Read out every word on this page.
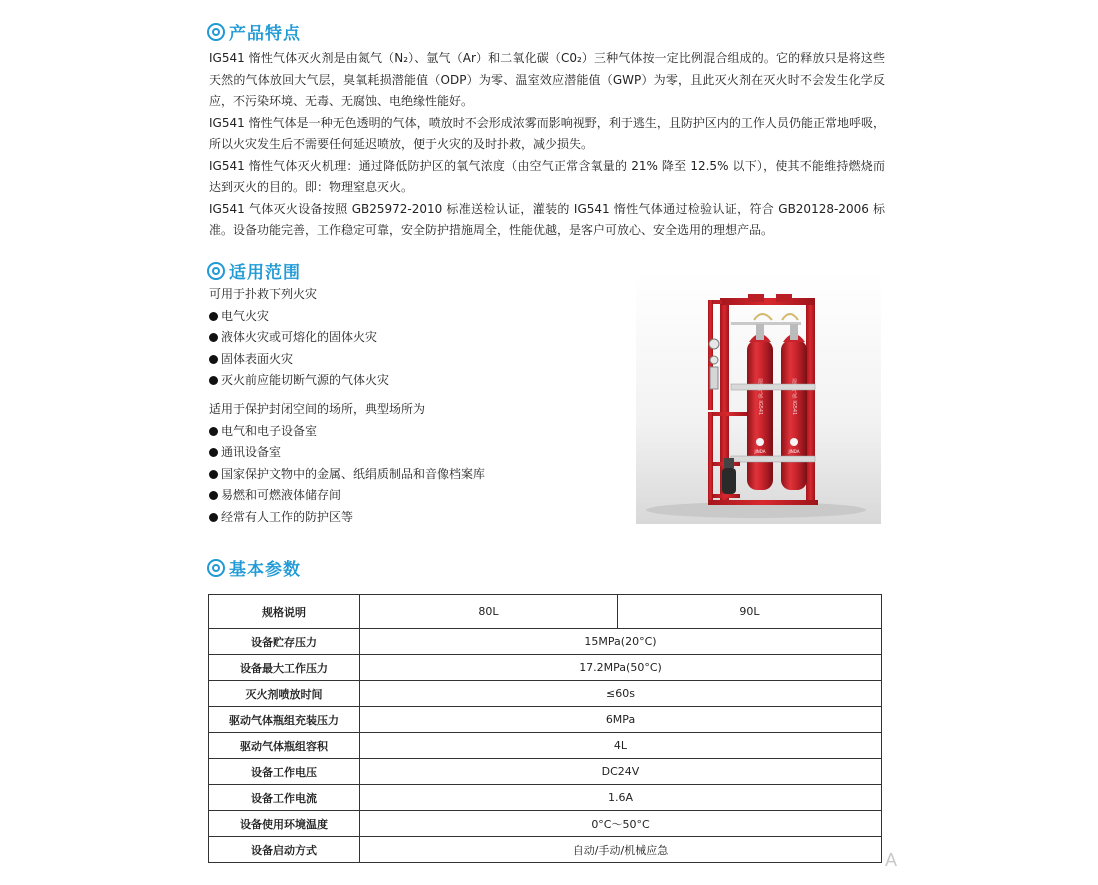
产品特点

IG541 惰性气体灭火剂是由氮气（N₂）、氩气（Ar）和二氧化碳（C0₂）三种气体按一定比例混合组成的。它的释放只是将这些天然的气体放回大气层，臭氧耗损潜能值（ODP）为零、温室效应潜能值（GWP）为零，且此灭火剂在灭火时不会发生化学反应，不污染环境、无毒、无腐蚀、电绝缘性能好。

IG541 惰性气体是一种无色透明的气体，喷放时不会形成浓雾而影响视野，利于逃生，且防护区内的工作人员仍能正常地呼吸，所以火灾发生后不需要任何延迟喷放，便于火灾的及时扑救，减少损失。

IG541 惰性气体灭火机理：通过降低防护区的氧气浓度（由空气正常含氧量的 21% 降至 12.5% 以下），使其不能维持燃烧而达到灭火的目的。即：物理窒息灭火。

IG541 气体灭火设备按照 GB25972-2010 标准送检认证，灌装的 IG541 惰性气体通过检验认证，符合 GB20128-2006 标准。设备功能完善，工作稳定可靠，安全防护措施周全，性能优越，是客户可放心、安全选用的理想产品。

适用范围
可用于扑救下列火灾
电气火灾
液体火灾或可熔化的固体火灾
固体表面火灾
灭火前应能切断气源的气体火灾
适用于保护封闭空间的场所，典型场所为
电气和电子设备室
通讯设备室
国家保护文物中的金属、纸绢质制品和音像档案库
易燃和可燃液体储存间
经常有人工作的防护区等
混合气体 IG541	混合气体 IG541
JINDA	JINDA
基本参数
规格说明	80L	90L
设备贮存压力	15MPa(20°C)	
设备最大工作压力	17.2MPa(50°C)	
灭火剂喷放时间	≤60s	
驱动气体瓶组充装压力	6MPa	
驱动气体瓶组容积	4L	
设备工作电压	DC24V	
设备工作电流	1.6A	
设备使用环境温度	0°C～50°C	
设备启动方式	自动/手动/机械应急		A
